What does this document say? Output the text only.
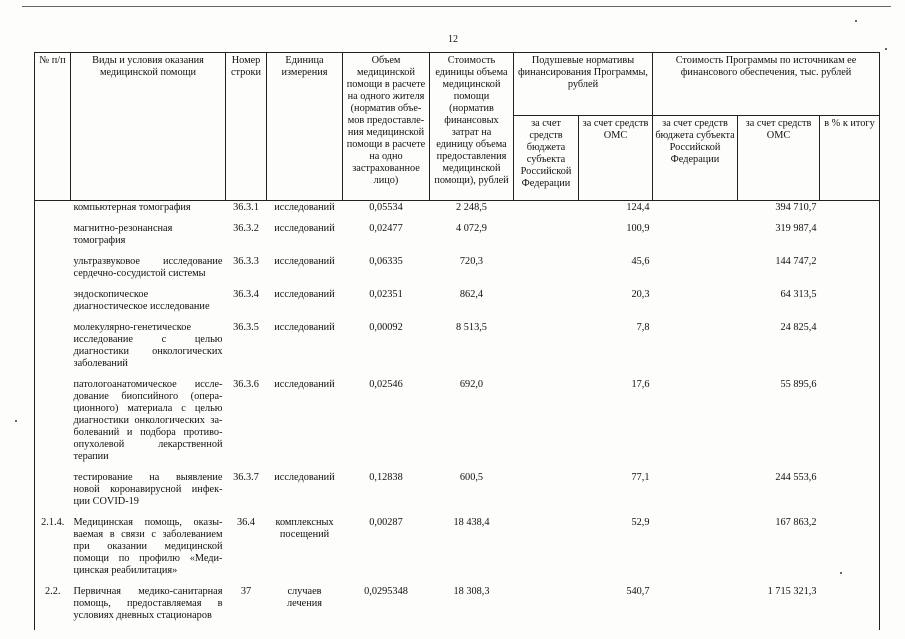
12
№ п/п	Виды и условия оказания медицинской помощи	Номер строки	Единица измерения	Объем медицинской помощи в расчете на одного жителя (норматив объе-мов предоставле-ния медицинской помощи в расчете на одно застрахованное лицо)	Стоимость единицы объема медицинской помощи (норматив финансовых затрат на единицу объема предоставления медицинской помощи), рублей	Подушевые нормативы финансирования Программы, рублей		Стоимость Программы по источникам ее финансового обеспечения, тыс. рублей		
						за счет средств бюджета субъекта Российской Федерации	за счет средств ОМС	за счет средств бюджета субъекта Российской Федерации	за счет средств ОМС	в % к итогу
	компьютерная томография	36.3.1	исследований	0,05534	2 248,5		124,4		394 710,7	
	магнитно-резонансная томография	36.3.2	исследований	0,02477	4 072,9		100,9		319 987,4	
	ультразвуковое исследование сердечно-сосудистой системы	36.3.3	исследований	0,06335	720,3		45,6		144 747,2	
	эндоскопическое диагностическое исследование	36.3.4	исследований	0,02351	862,4		20,3		64 313,5	
	молекулярно-генетическое исследование с целью диагностики онкологических заболеваний	36.3.5	исследований	0,00092	8 513,5		7,8		24 825,4	
	патологоанатомическое иссле-дование биопсийного (опера-ционного) материала с целью диагностики онкологических за-болеваний и подбора противо-опухолевой лекарственной терапии	36.3.6	исследований	0,02546	692,0		17,6		55 895,6	
	тестирование на выявление новой коронавирусной инфек-ции COVID-19	36.3.7	исследований	0,12838	600,5		77,1		244 553,6	
2.1.4.	Медицинская помощь, оказы-ваемая в связи с заболеванием при оказании медицинской помощи по профилю «Меди-цинская реабилитация»	36.4	комплексных посещений	0,00287	18 438,4		52,9		167 863,2	
2.2.	Первичная медико-санитарная помощь, предоставляемая в условиях дневных стационаров	37	случаев лечения	0,0295348	18 308,3		540,7		1 715 321,3	
